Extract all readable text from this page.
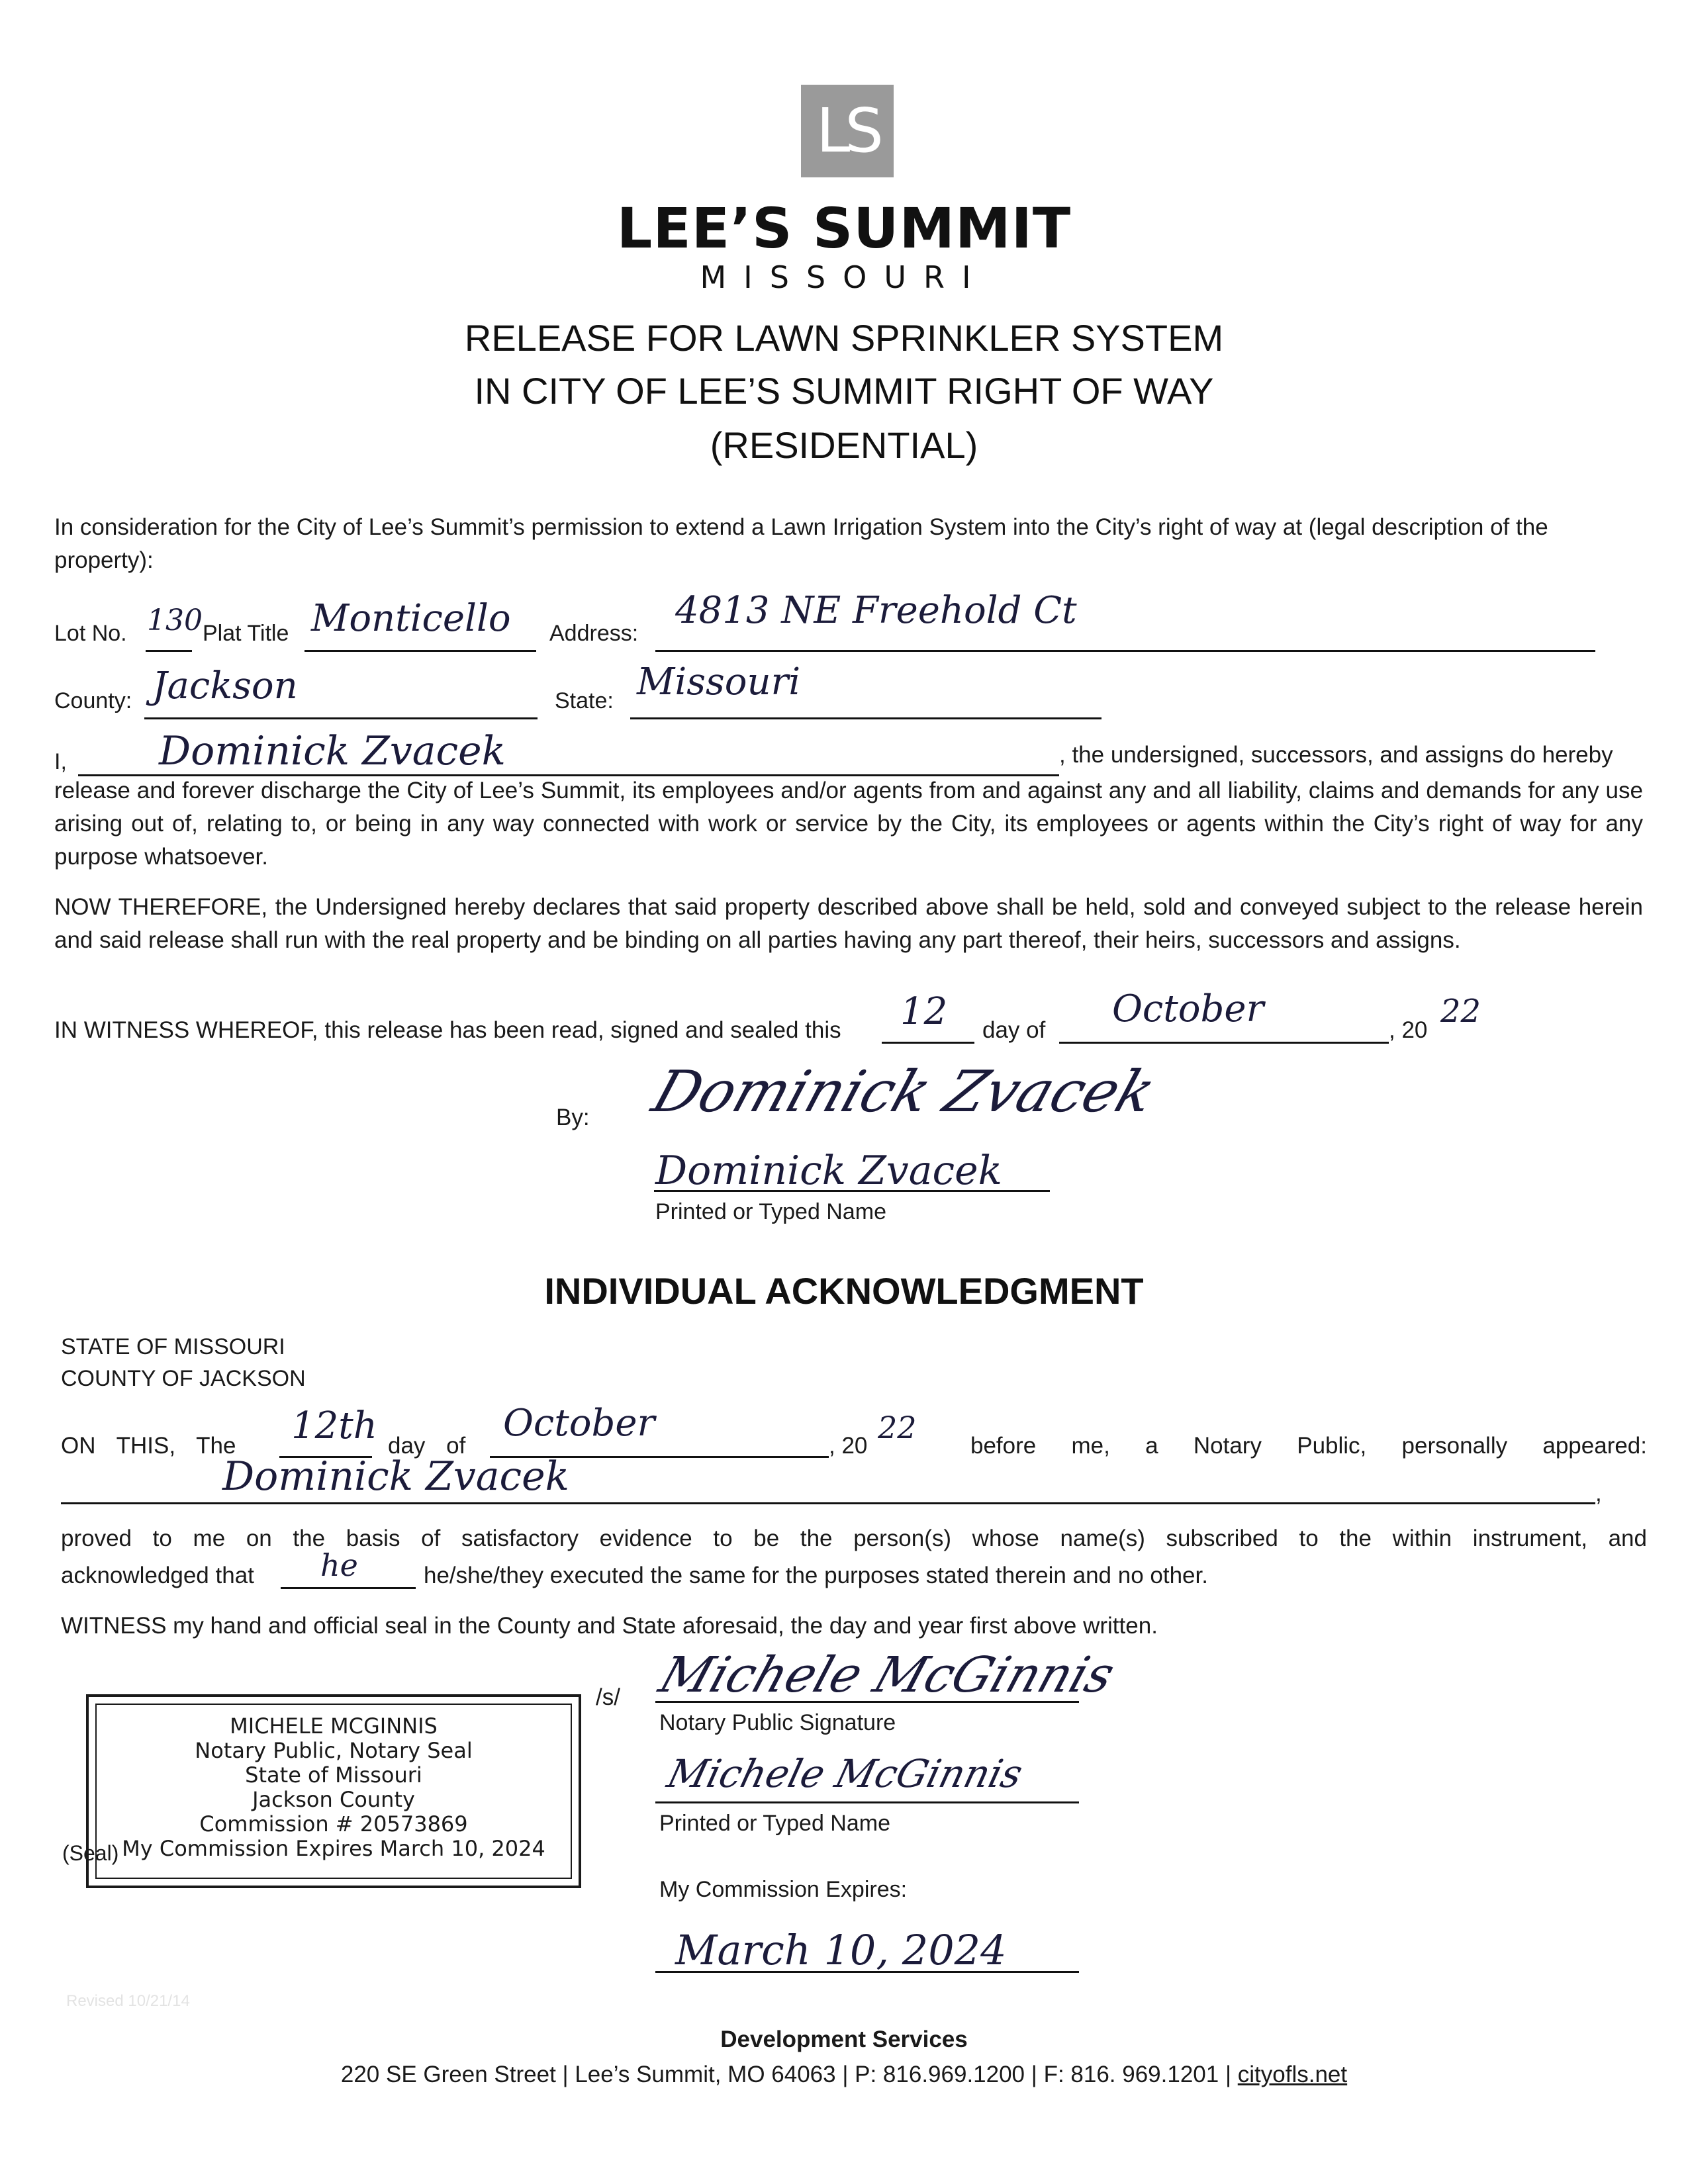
LS
LEE’S SUMMIT
MISSOURI
RELEASE FOR LAWN SPRINKLER SYSTEM
IN CITY OF LEE’S SUMMIT RIGHT OF WAY
(RESIDENTIAL)
In consideration for the City of Lee’s Summit’s permission to extend a Lawn Irrigation System into the City’s right of way at (legal description of the property):
Lot No. 130 Plat Title Monticello Address:
4813 NE Freehold Ct
County: Jackson	State: Missouri
I, Dominick Zvacek	, the undersigned, successors, and assigns do hereby
release and forever discharge the City of Lee’s Summit, its employees and/or agents from and against any and all liability, claims and demands for any use arising out of, relating to, or being in any way connected with work or service by the City, its employees or agents within the City’s right of way for any purpose whatsoever.
NOW THEREFORE, the Undersigned hereby declares that said property described above shall be held, sold and conveyed subject to the release herein and said release shall run with the real property and be binding on all parties having any part thereof, their heirs, successors and assigns.
IN WITNESS WHEREOF, this release has been read, signed and sealed this 12 day of October	, 20
22
By: Dominick Zvacek
Dominick Zvacek
Printed or Typed Name
INDIVIDUAL ACKNOWLEDGMENT
STATE OF MISSOURI
COUNTY OF JACKSON
ON THIS, The 12th day of
October
, 20
22
before me, a Notary Public, personally appeared:
Dominick Zvacek	,
proved to me on the basis of satisfactory evidence to be the person(s) whose name(s) subscribed to the within instrument, and
acknowledged that he	he/she/they executed the same for the purposes stated therein and no other.
WITNESS my hand and official seal in the County and State aforesaid, the day and year first above written.
MICHELE MCGINNIS
Notary Public, Notary Seal
State of Missouri
Jackson County
Commission # 20573869
My Commission Expires March 10, 2024
(Seal)
/s/ Michele McGinnis
Notary Public Signature
Michele McGinnis
Printed or Typed Name
My Commission Expires:
March 10, 2024
Revised 10/21/14
Development Services
220 SE Green Street | Lee’s Summit, MO 64063 | P: 816.969.1200 | F: 816. 969.1201 | cityofls.net
